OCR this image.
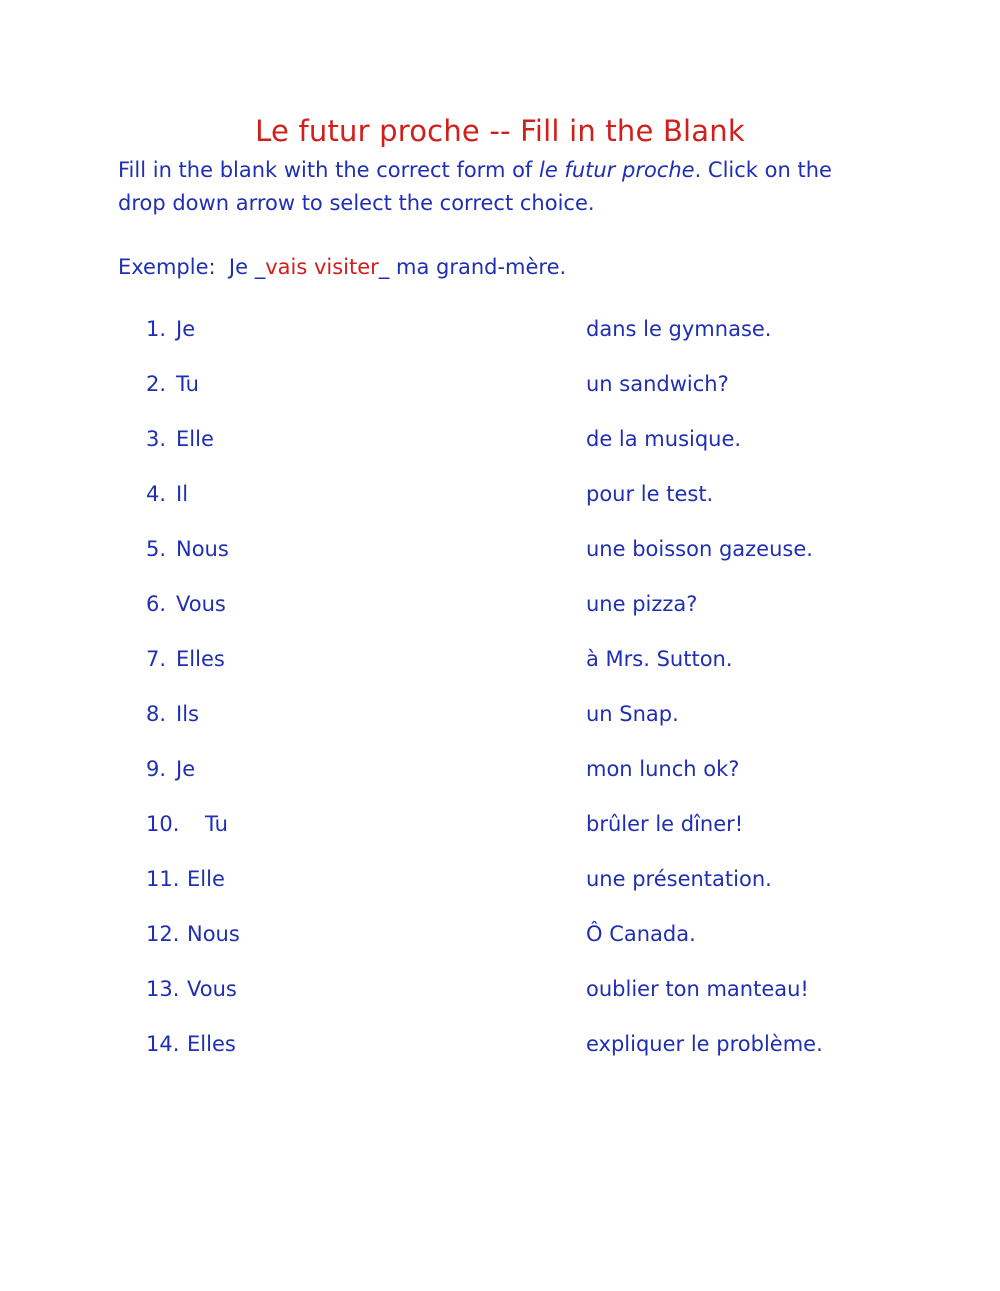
Le futur proche -- Fill in the Blank
Fill in the blank with the correct form of le futur proche. Click on the drop down arrow to select the correct choice.
Exemple:  Je _vais visiter_ ma grand-mère.
1. Je	dans le gymnase.
2. Tu	un sandwich?
3. Elle	de la musique.
4. Il	pour le test.
5. Nous	une boisson gazeuse.
6. Vous	une pizza?
7. Elles	à Mrs. Sutton.
8. Ils	un Snap.
9. Je	mon lunch ok?
10. Tu	brûler le dîner!
11. Elle	une présentation.
12. Nous	Ô Canada.
13. Vous	oublier ton manteau!
14. Elles	expliquer le problème.
